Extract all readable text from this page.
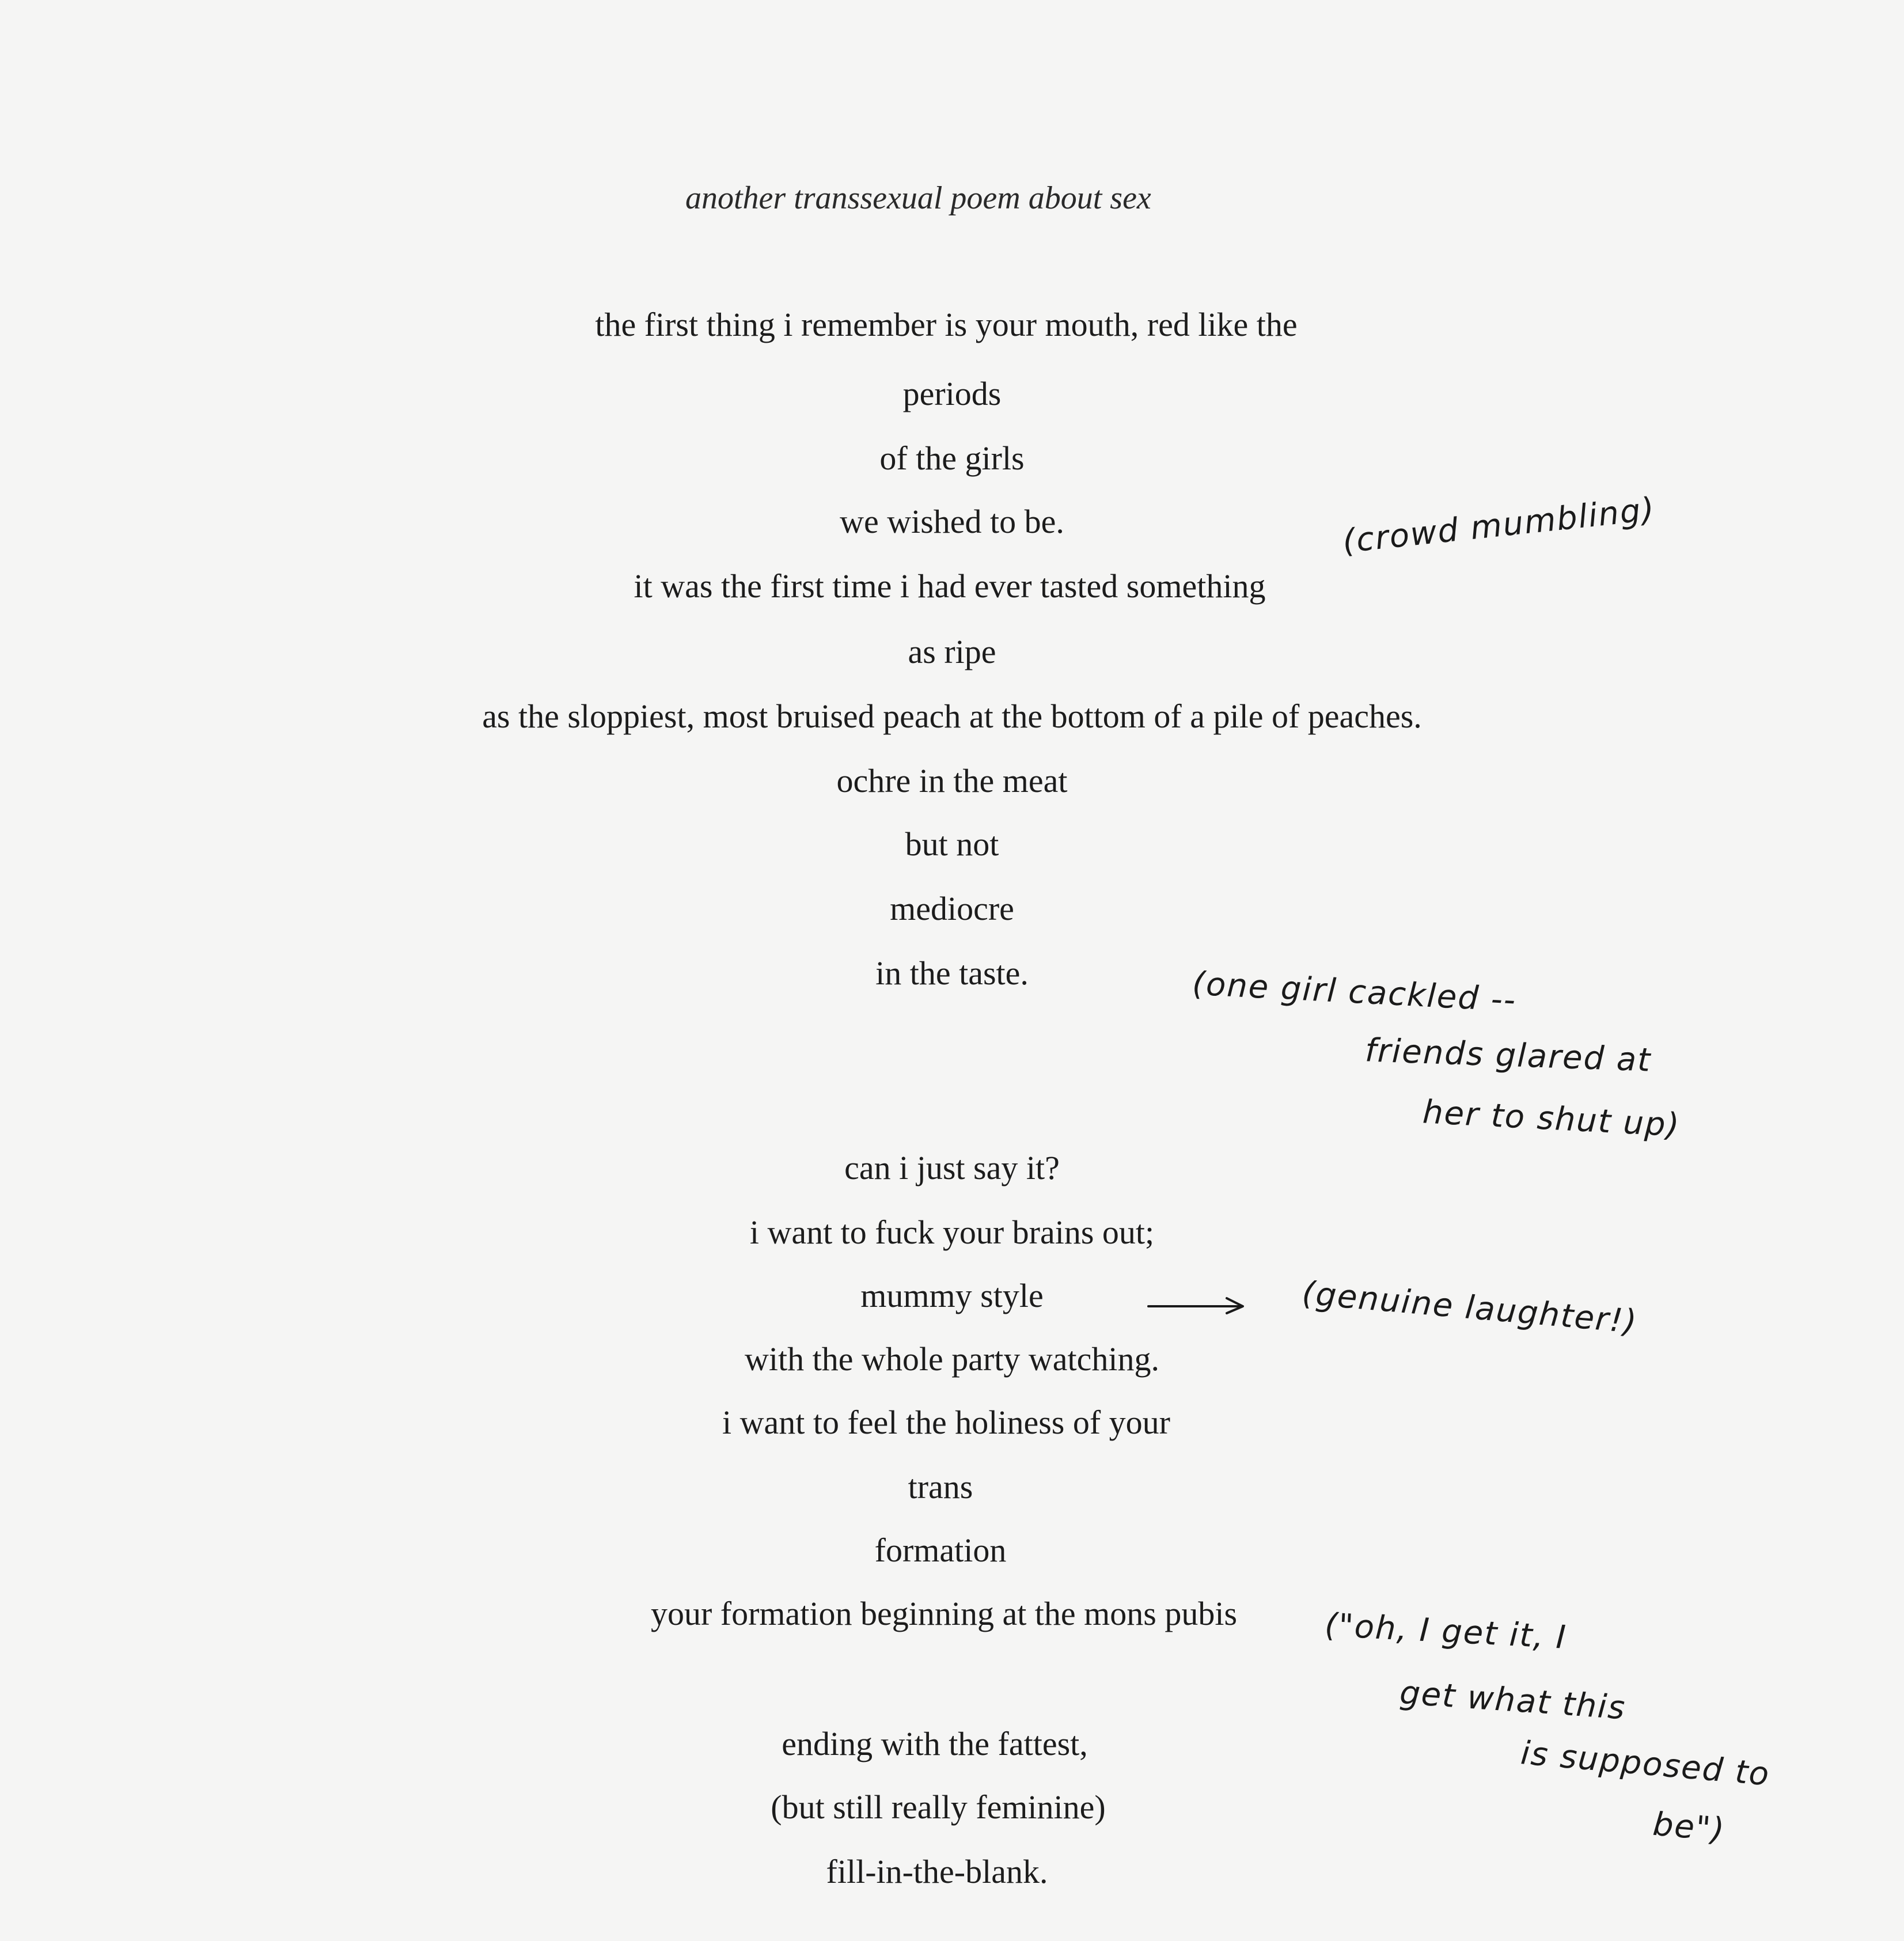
another transsexual poem about sex
the first thing i remember is your mouth, red like the
periods
of the girls
we wished to be.
it was the first time i had ever tasted something
as ripe
as the sloppiest, most bruised peach at the bottom of a pile of peaches.
ochre in the meat
but not
mediocre
in the taste.
can i just say it?
i want to fuck your brains out;
mummy style
with the whole party watching.
i want to feel the holiness of your
trans
formation
your formation beginning at the mons pubis
ending with the fattest,
(but still really feminine)
fill-in-the-blank.
(crowd mumbling)
(one girl cackled --
friends glared at
her to shut up)
(genuine laughter!)
("oh, I get it, I
get what this
is supposed to
be")
